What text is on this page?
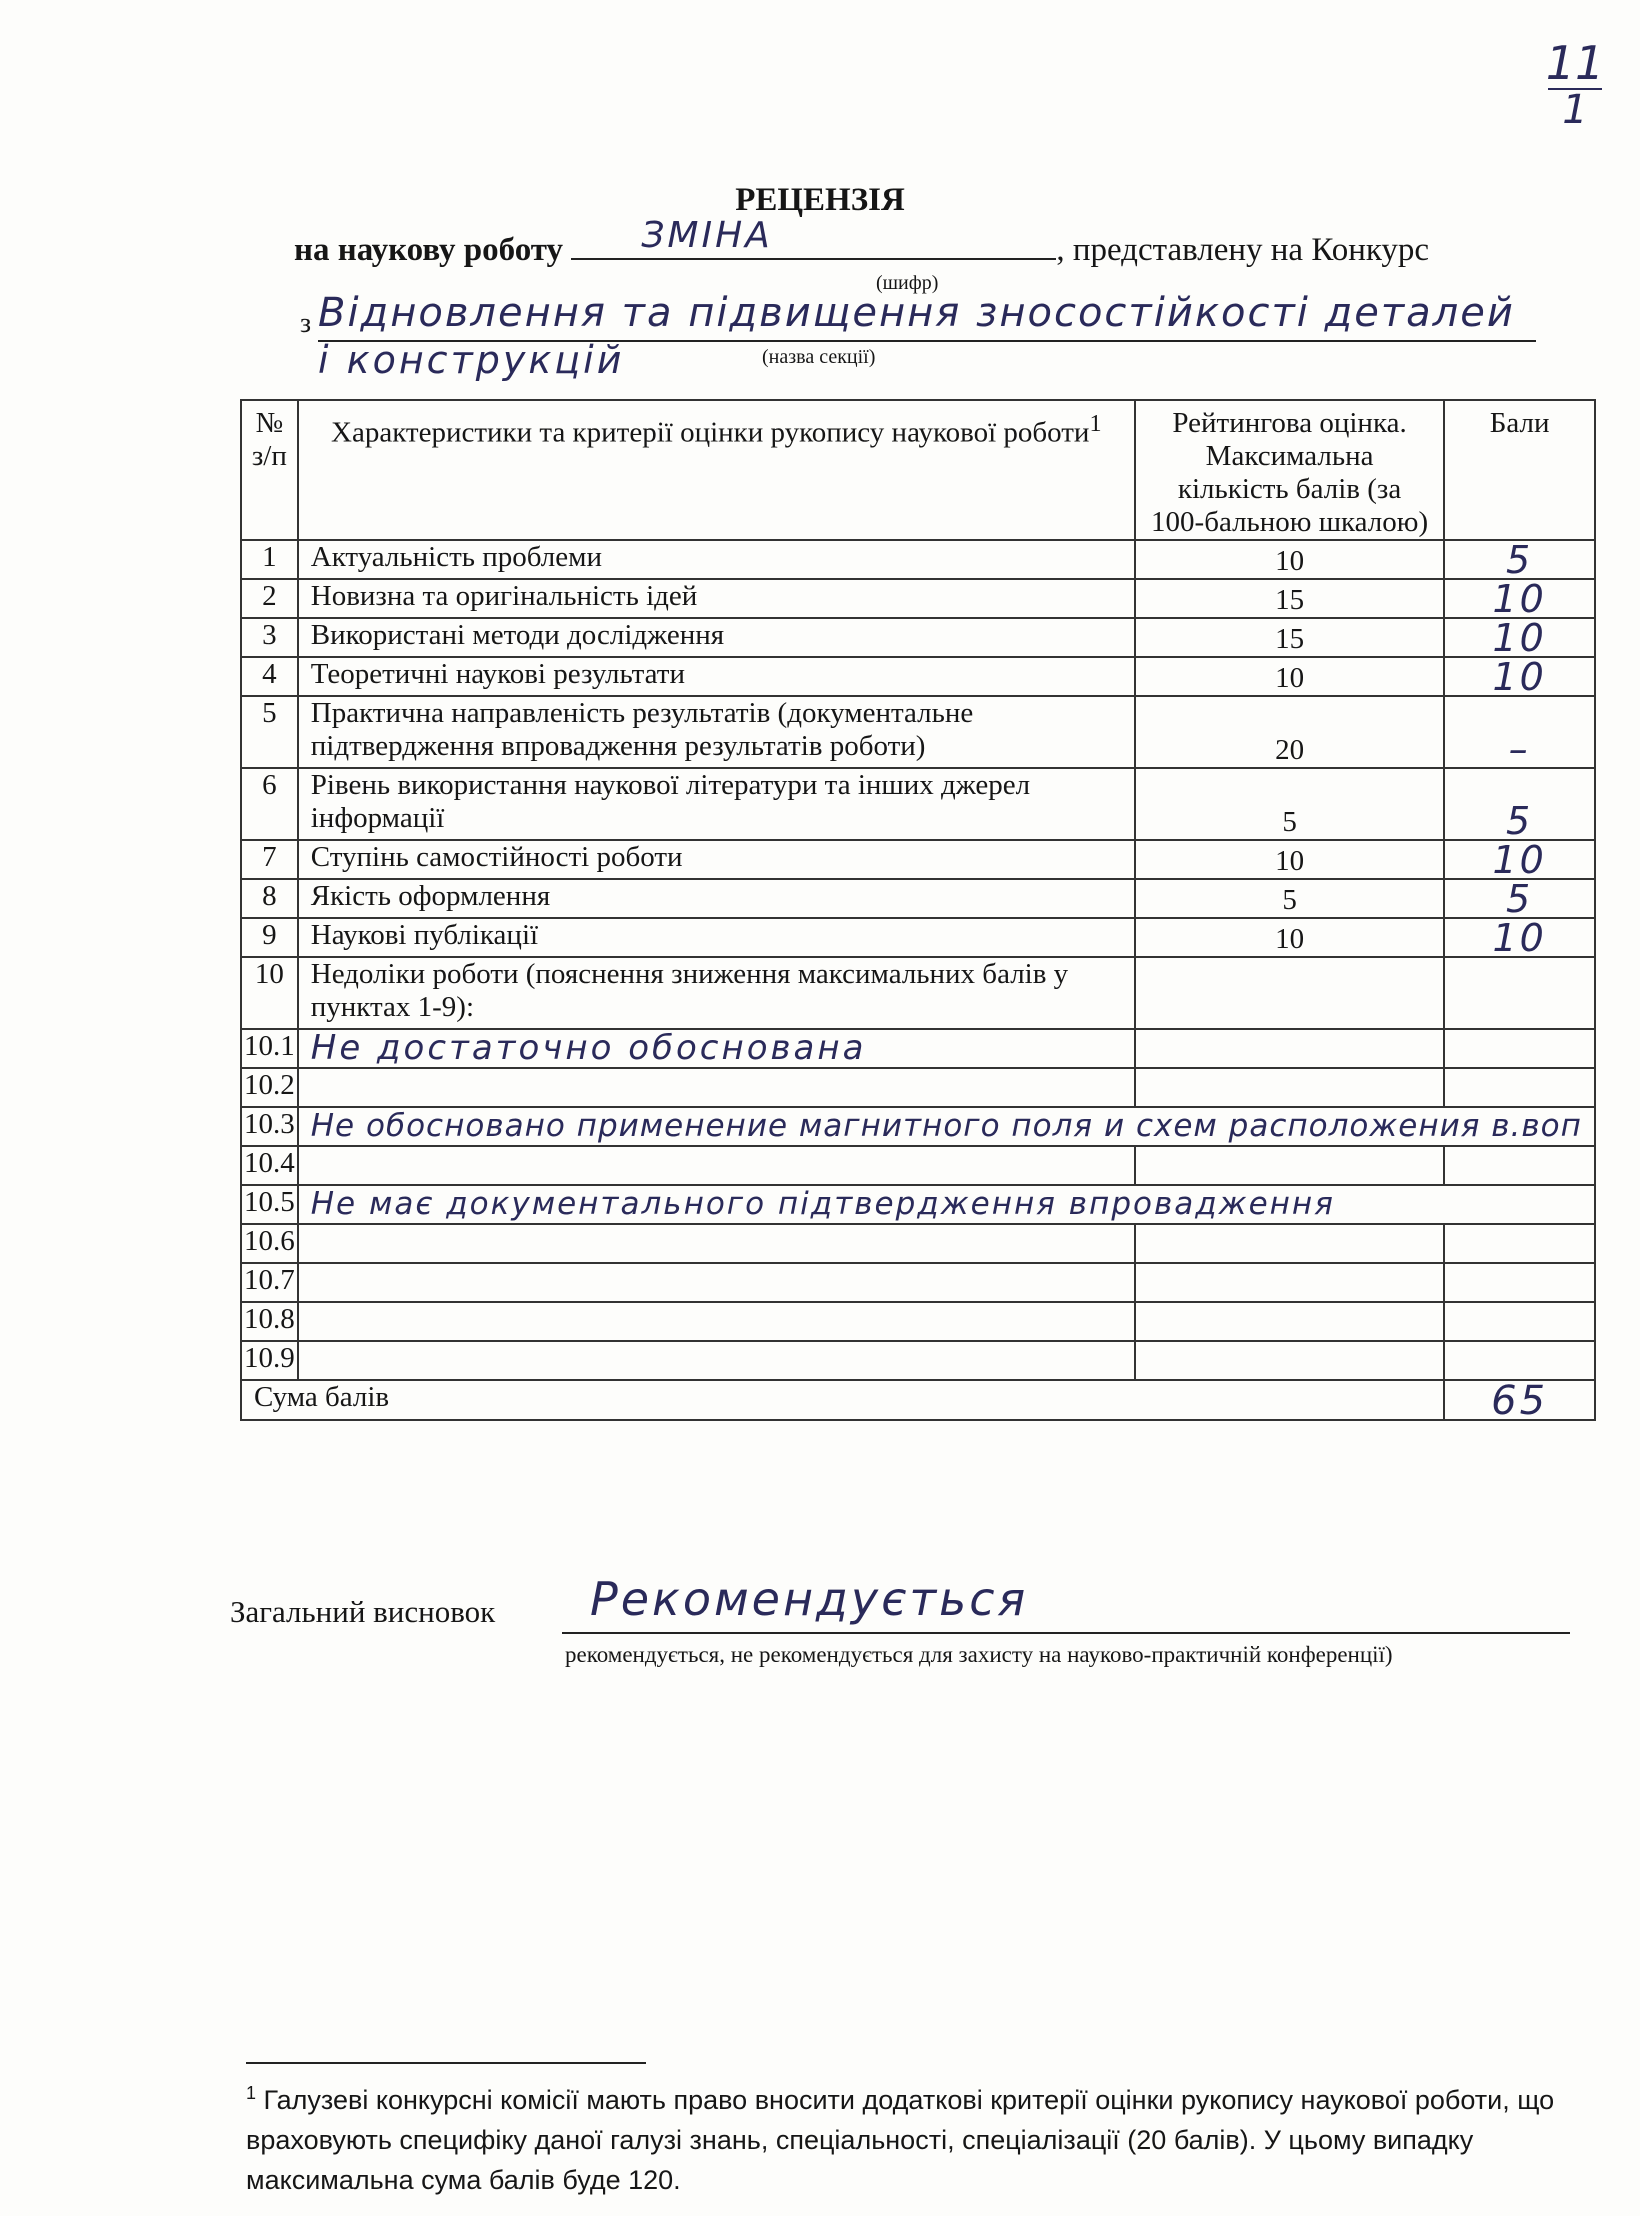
11
1
РЕЦЕНЗІЯ
на наукову роботу ЗМІНА	, представлену на Конкурс
(шифр)
з Відновлення та підвищення зносостійкості деталей
і конструкцій	(назва секції)
№ з/п	Характеристики та критерії оцінки рукопису наукової роботи$^1$	Рейтингова оцінка. Максимальна кількість балів (за 100-бальною шкалою)	Бали
1	Актуальність проблеми	10	5
2	Новизна та оригінальність ідей	15	10
3	Використані методи дослідження	15	10
4	Теоретичні наукові результати	10	10
5	Практична направленість результатів (документальне підтвердження впровадження результатів роботи)	20	–
6	Рівень використання наукової літератури та інших джерел інформації	5	5
7	Ступінь самостійності роботи	10	10
8	Якість оформлення	5	5
9	Наукові публікації	10	10
10	Недоліки роботи (пояснення зниження максимальних балів у пунктах 1-9):		
10.1	Не достаточно обоснована		
10.2			
10.3	Не обосновано применение магнитного поля и схем расположения в.воп		
10.4			
10.5	Не має документального підтвердження впровадження		
10.6			
10.7			
10.8			
10.9			
Сума балів			65
Загальний висновок Рекомендується
рекомендується, не рекомендується для захисту на науково-практичній конференції)
$^1$ Галузеві конкурсні комісії мають право вносити додаткові критерії оцінки рукопису наукової роботи, що враховують специфіку даної галузі знань, спеціальності, спеціалізації (20 балів). У цьому випадку максимальна сума балів буде 120.
